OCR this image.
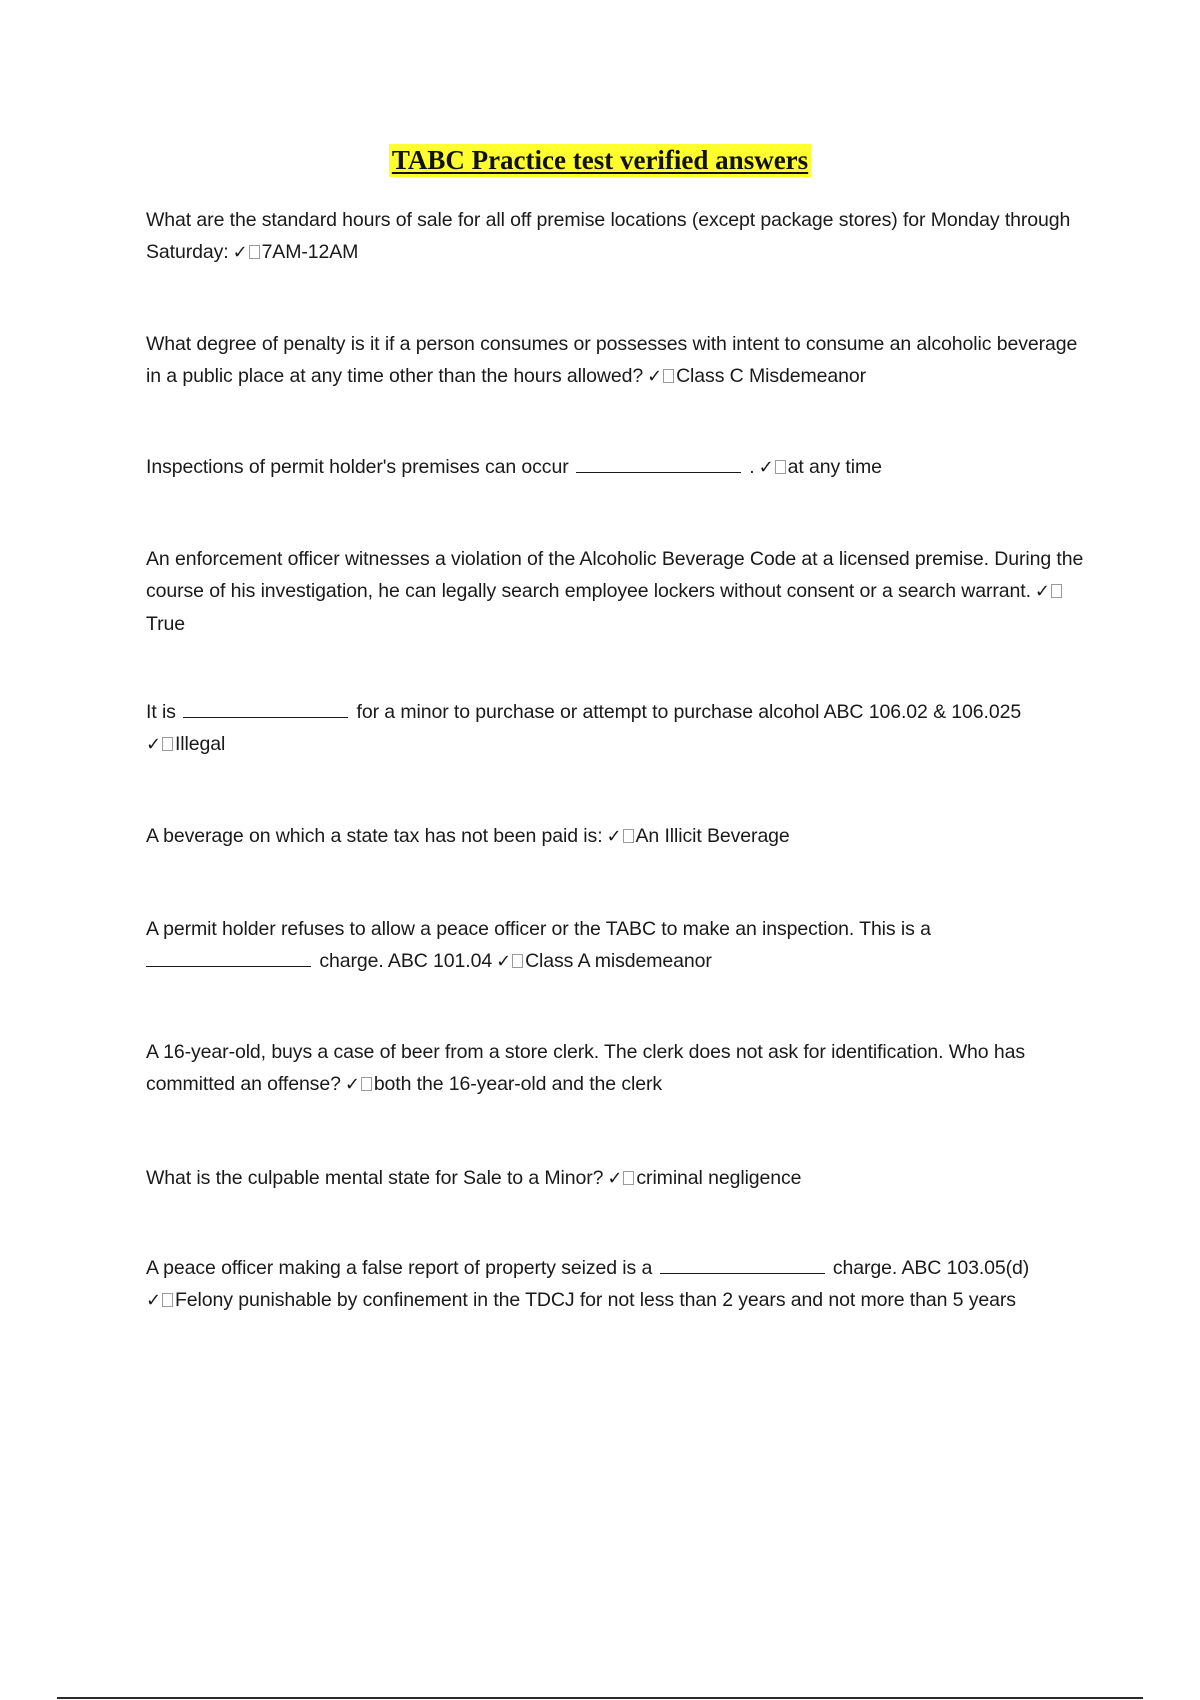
TABC Practice test verified answers

What are the standard hours of sale for all off premise locations (except package stores) for Monday through Saturday: ✓ 7AM-12AM

What degree of penalty is it if a person consumes or possesses with intent to consume an alcoholic beverage in a public place at any time other than the hours allowed? ✓ Class C Misdemeanor

Inspections of permit holder's premises can occur	. ✓ at any time

An enforcement officer witnesses a violation of the Alcoholic Beverage Code at a licensed premise. During the course of his investigation, he can legally search employee lockers without consent or a search warrant. ✓True

It is	for a minor to purchase or attempt to purchase alcohol ABC 106.02 & 106.025
✓ Illegal

A beverage on which a state tax has not been paid is: ✓ An Illicit Beverage

A permit holder refuses to allow a peace officer or the TABC to make an inspection. This is a
charge. ABC 101.04 ✓ Class A misdemeanor

A 16-year-old, buys a case of beer from a store clerk. The clerk does not ask for identification. Who has committed an offense? ✓ both the 16-year-old and the clerk

What is the culpable mental state for Sale to a Minor? ✓ criminal negligence

A peace officer making a false report of property seized is a	charge. ABC 103.05(d)
✓ Felony punishable by confinement in the TDCJ for not less than 2 years and not more than 5 years
